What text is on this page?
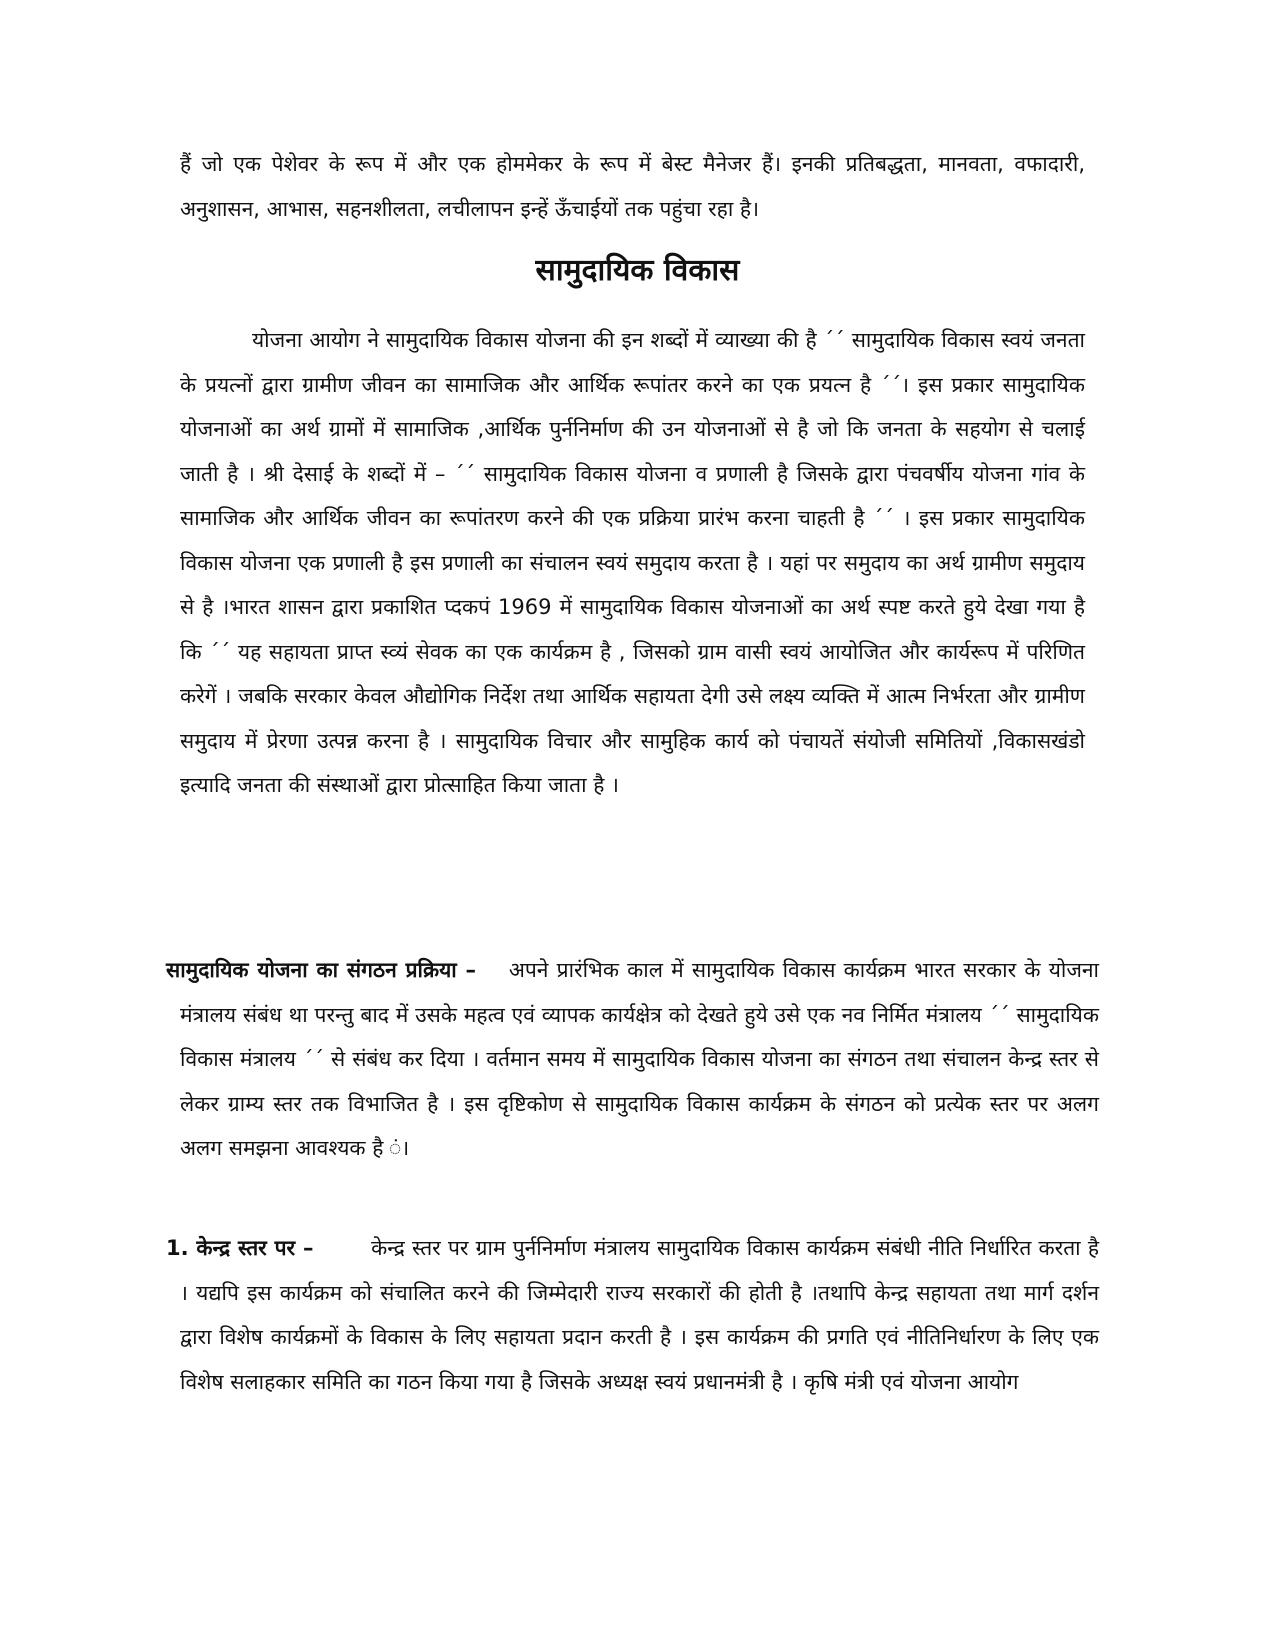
हैं जो एक पेशेवर के रूप में और एक होममेकर के रूप में बेस्ट मैनेजर हैं। इनकी प्रतिबद्धता, मानवता, वफादारी, अनुशासन, आभास, सहनशीलता, लचीलापन इन्हें ऊँचाईयों तक पहुंचा रहा है।

सामुदायिक विकास

योजना आयोग ने सामुदायिक विकास योजना की इन शब्दों में व्याख्या की है ´´ सामुदायिक विकास स्वयं जनता के प्रयत्नों द्वारा ग्रामीण जीवन का सामाजिक और आर्थिक रूपांतर करने का एक प्रयत्न है ´´। इस प्रकार सामुदायिक योजनाओं का अर्थ ग्रामों में सामाजिक ,आर्थिक पुर्ननिर्माण की उन योजनाओं से है जो कि जनता के सहयोग से चलाई जाती है । श्री देसाई के शब्दों में – ´´ सामुदायिक विकास योजना व प्रणाली है जिसके द्वारा पंचवर्षीय योजना गांव के सामाजिक और आर्थिक जीवन का रूपांतरण करने की एक प्रक्रिया प्रारंभ करना चाहती है ´´ । इस प्रकार सामुदायिक विकास योजना एक प्रणाली है इस प्रणाली का संचालन स्वयं समुदाय करता है । यहां पर समुदाय का अर्थ ग्रामीण समुदाय से है ।भारत शासन द्वारा प्रकाशित प्दकपं 1969 में सामुदायिक विकास योजनाओं का अर्थ स्पष्ट करते हुये देखा गया है कि ´´ यह सहायता प्राप्त स्व्यं सेवक का एक कार्यक्रम है , जिसको ग्राम वासी स्वयं आयोजित और कार्यरूप में परिणित करेगें । जबकि सरकार केवल औद्योगिक निर्देश तथा आर्थिक सहायता देगी उसे लक्ष्य व्यक्ति में आत्म निर्भरता और ग्रामीण समुदाय में प्रेरणा उत्पन्न करना है । सामुदायिक विचार और सामुहिक कार्य को पंचायतें संयोजी समितियों ,विकासखंडो इत्यादि जनता की संस्थाओं द्वारा प्रोत्साहित किया जाता है ।

सामुदायिक योजना का संगठन प्रक्रिया – अपने प्रारंभिक काल में सामुदायिक विकास कार्यक्रम भारत सरकार के योजना मंत्रालय संबंध था परन्तु बाद में उसके महत्व एवं व्यापक कार्यक्षेत्र को देखते हुये उसे एक नव निर्मित मंत्रालय ´´ सामुदायिक विकास मंत्रालय ´´ से संबंध कर दिया । वर्तमान समय में सामुदायिक विकास योजना का संगठन तथा संचालन केन्द्र स्तर से लेकर ग्राम्य स्तर तक विभाजित है । इस दृष्टिकोण से सामुदायिक विकास कार्यक्रम के संगठन को प्रत्येक स्तर पर अलग अलग समझना आवश्यक है ं।

1. केन्द्र स्तर पर –	केन्द्र स्तर पर ग्राम पुर्ननिर्माण मंत्रालय सामुदायिक विकास कार्यक्रम संबंधी नीति निर्धारित करता है । यद्यपि इस कार्यक्रम को संचालित करने की जिम्मेदारी राज्य सरकारों की होती है ।तथापि केन्द्र सहायता तथा मार्ग दर्शन द्वारा विशेष कार्यक्रमों के विकास के लिए सहायता प्रदान करती है । इस कार्यक्रम की प्रगति एवं नीतिनिर्धारण के लिए एक विशेष सलाहकार समिति का गठन किया गया है जिसके अध्यक्ष स्वयं प्रधानमंत्री है । कृषि मंत्री एवं योजना आयोग
